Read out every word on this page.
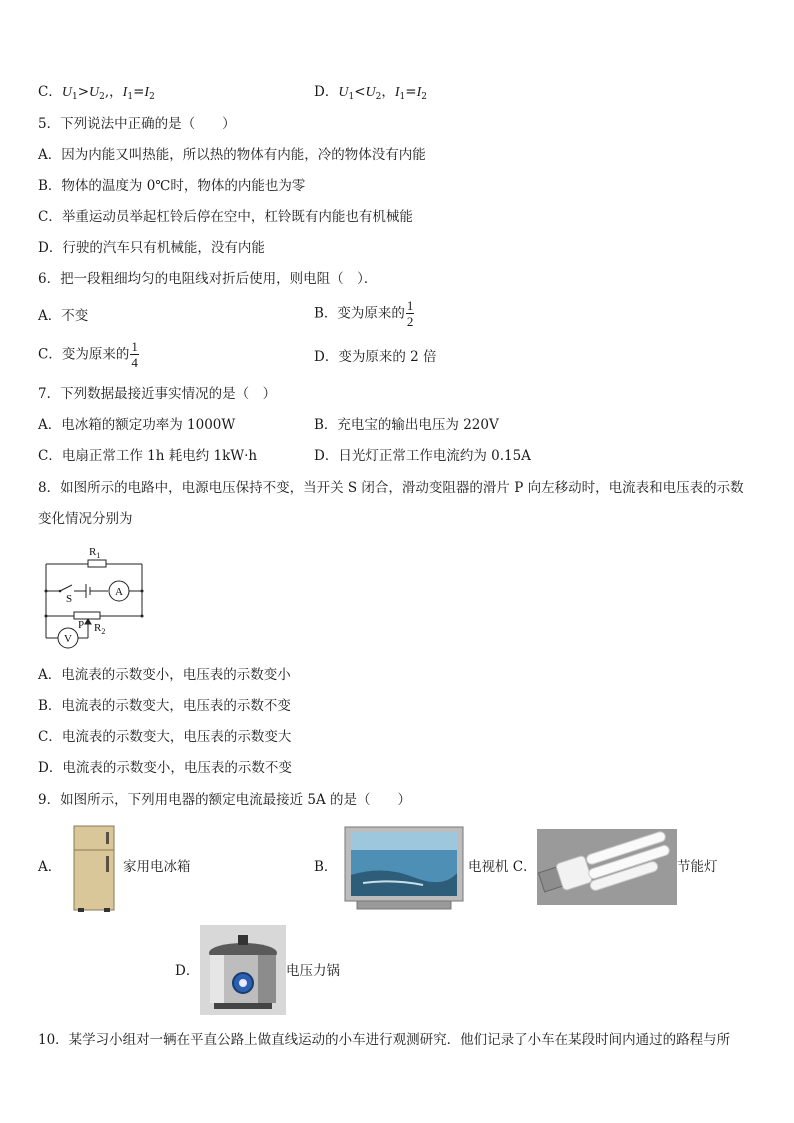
C．$U_1>U_2$,，$I_1=I_2$	D．$U_1<U_2$，$I_1=I_2$
5．下列说法中正确的是（　　）
A．因为内能又叫热能，所以热的物体有内能，冷的物体没有内能
B．物体的温度为 0℃时，物体的内能也为零
C．举重运动员举起杠铃后停在空中，杠铃既有内能也有机械能
D．行驶的汽车只有机械能，没有内能
6．把一段粗细均匀的电阻线对折后使用，则电阻（　）．
A．不变	B．变为原来的 $\frac{1}{2}$
C．变为原来的 $\frac{1}{4}$	D．变为原来的 2 倍
7．下列数据最接近事实情况的是（　）
A．电冰箱的额定功率为 1000W	B．充电宝的输出电压为 220V
C．电扇正常工作 1h 耗电约 1kW·h	D．日光灯正常工作电流约为 0.15A
8．如图所示的电路中，电源电压保持不变，当开关 S 闭合，滑动变阻器的滑片 P 向左移动时，电流表和电压表的示数
变化情况分别为
$R_1$
S
A
P $R_2$
V
A．电流表的示数变小，电压表的示数变小
B．电流表的示数变大，电压表的示数不变
C．电流表的示数变大，电压表的示数变大
D．电流表的示数变小，电压表的示数不变
9．如图所示，下列用电器的额定电流最接近 5A 的是（　　）
A．	家用电冰箱	B．	电视机 C．	节能灯
D．	电压力锅
10．某学习小组对一辆在平直公路上做直线运动的小车进行观测研究．他们记录了小车在某段时间内通过的路程与所
